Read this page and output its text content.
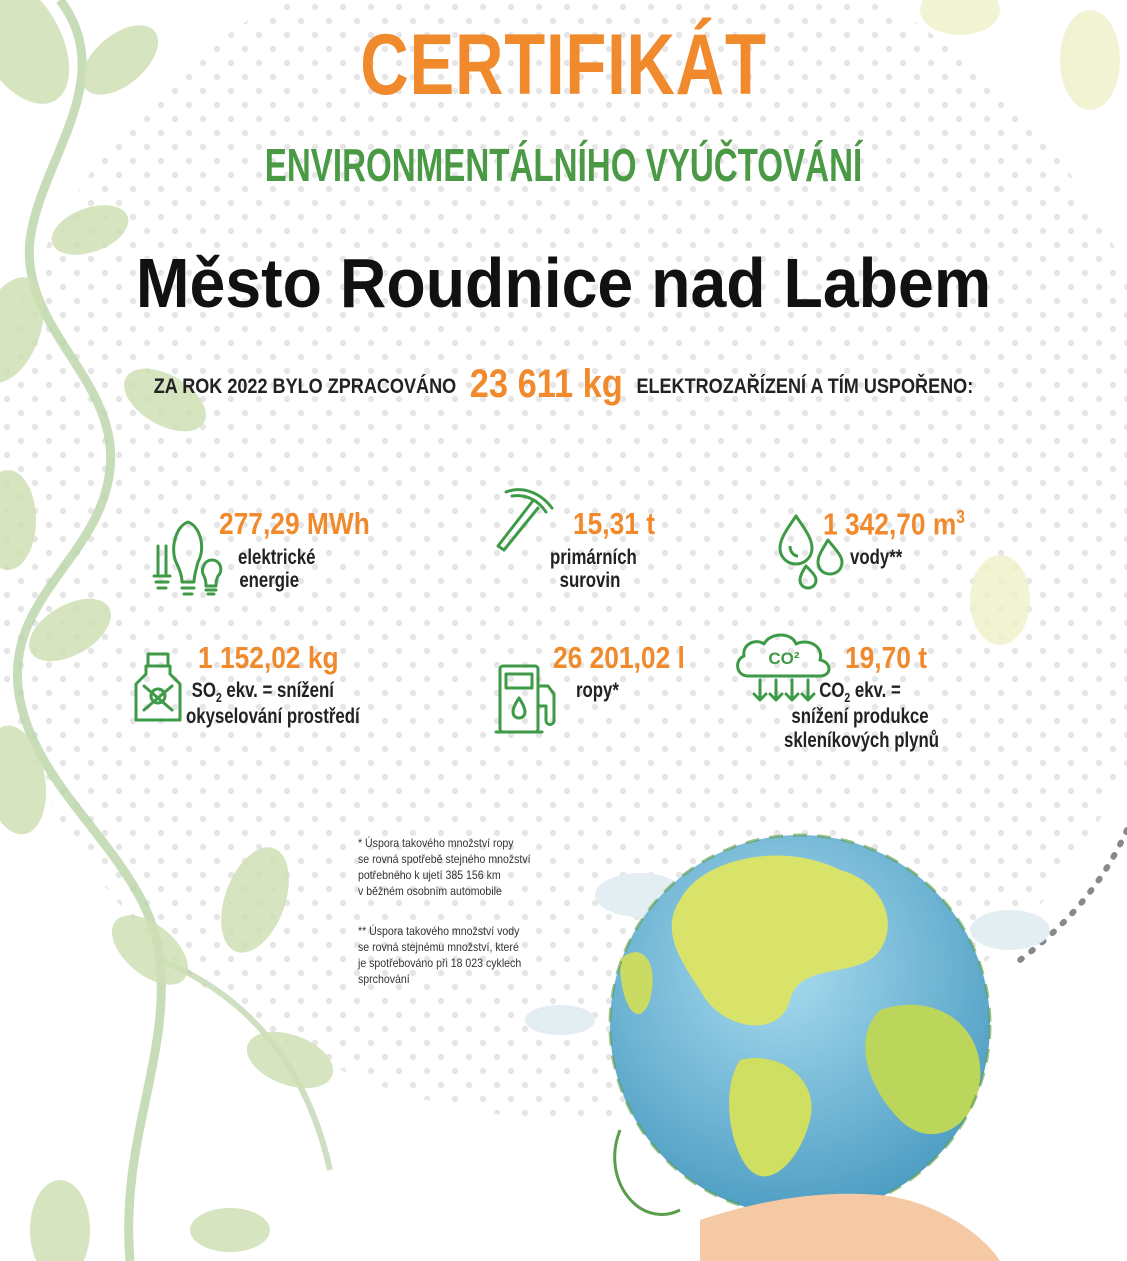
CERTIFIKÁT
ENVIRONMENTÁLNÍHO VYÚČTOVÁNÍ
Město Roudnice nad Labem
ZA ROK 2022 BYLO ZPRACOVÁNO 23 611 kg ELEKTROZAŘÍZENÍ A TÍM USPOŘENO:
277,29 MWh
elektrické
energie
15,31 t
primárních
surovin
1 342,70 $m^3$
vody**
1 152,02 kg
$SO_2$ ekv. = snížení
okyselování prostředí
26 201,02 l
ropy*
CO² 19,70 t
$CO_2$ ekv. =
snížení produkce
skleníkových plynů
* Úspora takového množství ropy
se rovná spotřebě stejného množství
potřebného k ujetí 385 156 km
v běžném osobním automobile
** Úspora takového množství vody
se rovná stejnému množství, které
je spotřebováno při 18 023 cyklech
sprchování
